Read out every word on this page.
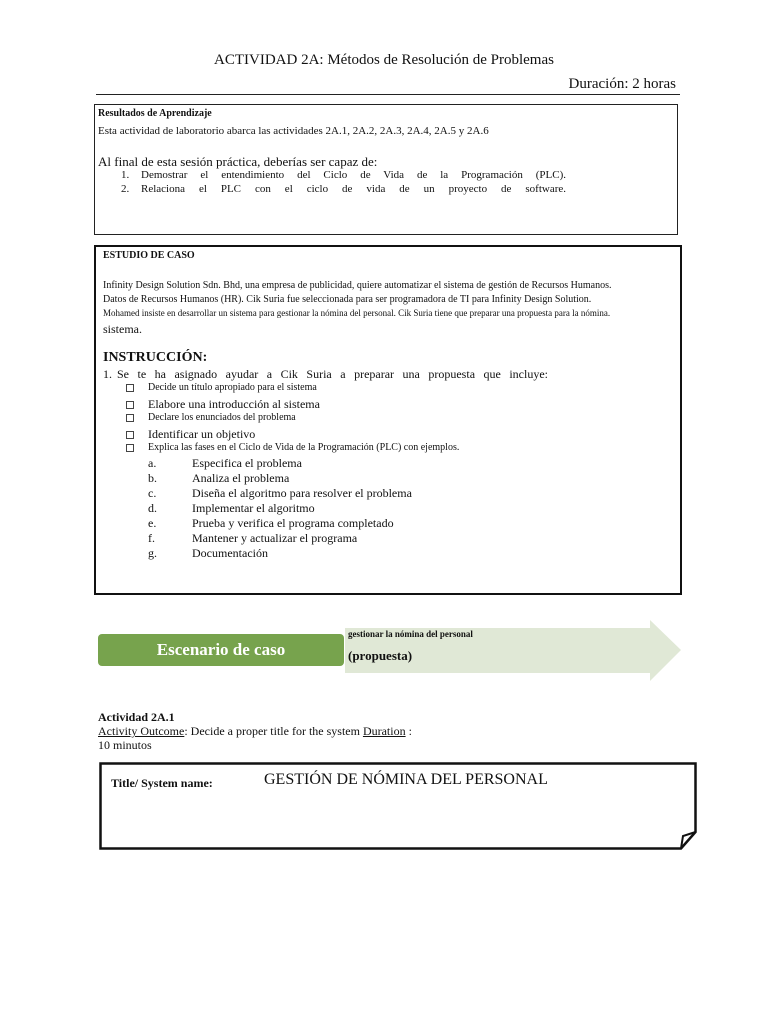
ACTIVIDAD 2A: Métodos de Resolución de Problemas
Duración: 2 horas
Resultados de Aprendizaje
Esta actividad de laboratorio abarca las actividades 2A.1, 2A.2, 2A.3, 2A.4, 2A.5 y 2A.6
Al final de esta sesión práctica, deberías ser capaz de:
1.	Demostrar el entendimiento del Ciclo de Vida de la Programación (PLC).
2.	Relaciona el PLC con el ciclo de vida de un proyecto de software.
ESTUDIO DE CASO
Infinity Design Solution Sdn. Bhd, una empresa de publicidad, quiere automatizar el sistema de gestión de Recursos Humanos.
Datos de Recursos Humanos (HR). Cik Suria fue seleccionada para ser programadora de TI para Infinity Design Solution.
Mohamed insiste en desarrollar un sistema para gestionar la nómina del personal. Cik Suria tiene que preparar una propuesta para la nómina.
sistema.
INSTRUCCIÓN:
1. Se te ha asignado ayudar a Cik Suria a preparar una propuesta que incluye:
Decide un título apropiado para el sistema
Elabore una introducción al sistema
Declare los enunciados del problema
Identificar un objetivo
Explica las fases en el Ciclo de Vida de la Programación (PLC) con ejemplos.
a.	Especifica el problema
b.	Analiza el problema
c.	Diseña el algoritmo para resolver el problema
d.	Implementar el algoritmo
e.	Prueba y verifica el programa completado
f.	Mantener y actualizar el programa
g.	Documentación
Escenario de caso
gestionar la nómina del personal
(propuesta)
Actividad 2A.1
Activity Outcome: Decide a proper title for the system Duration :
10 minutos
Title/ System name:	GESTIÓN DE NÓMINA DEL PERSONAL
